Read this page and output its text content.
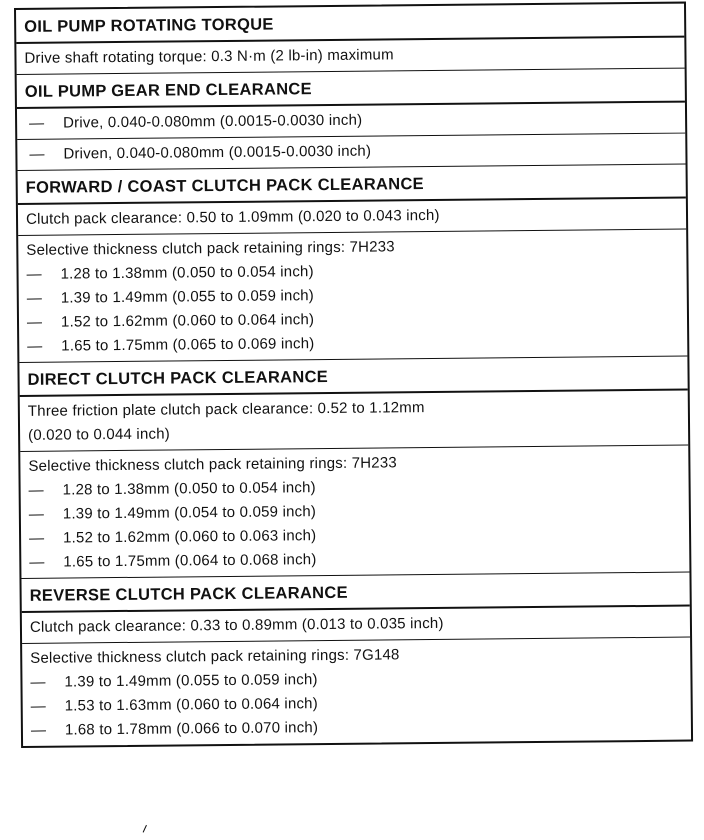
OIL PUMP ROTATING TORQUE
Drive shaft rotating torque: 0.3 N·m (2 lb-in) maximum
OIL PUMP GEAR END CLEARANCE
— Drive, 0.040-0.080mm (0.0015-0.0030 inch)
— Driven, 0.040-0.080mm (0.0015-0.0030 inch)
FORWARD / COAST CLUTCH PACK CLEARANCE
Clutch pack clearance: 0.50 to 1.09mm (0.020 to 0.043 inch)
Selective thickness clutch pack retaining rings: 7H233
— 1.28 to 1.38mm (0.050 to 0.054 inch)
— 1.39 to 1.49mm (0.055 to 0.059 inch)
— 1.52 to 1.62mm (0.060 to 0.064 inch)
— 1.65 to 1.75mm (0.065 to 0.069 inch)
DIRECT CLUTCH PACK CLEARANCE
Three friction plate clutch pack clearance: 0.52 to 1.12mm
(0.020 to 0.044 inch)
Selective thickness clutch pack retaining rings: 7H233
— 1.28 to 1.38mm (0.050 to 0.054 inch)
— 1.39 to 1.49mm (0.054 to 0.059 inch)
— 1.52 to 1.62mm (0.060 to 0.063 inch)
— 1.65 to 1.75mm (0.064 to 0.068 inch)
REVERSE CLUTCH PACK CLEARANCE
Clutch pack clearance: 0.33 to 0.89mm (0.013 to 0.035 inch)
Selective thickness clutch pack retaining rings: 7G148
— 1.39 to 1.49mm (0.055 to 0.059 inch)
— 1.53 to 1.63mm (0.060 to 0.064 inch)
— 1.68 to 1.78mm (0.066 to 0.070 inch)
